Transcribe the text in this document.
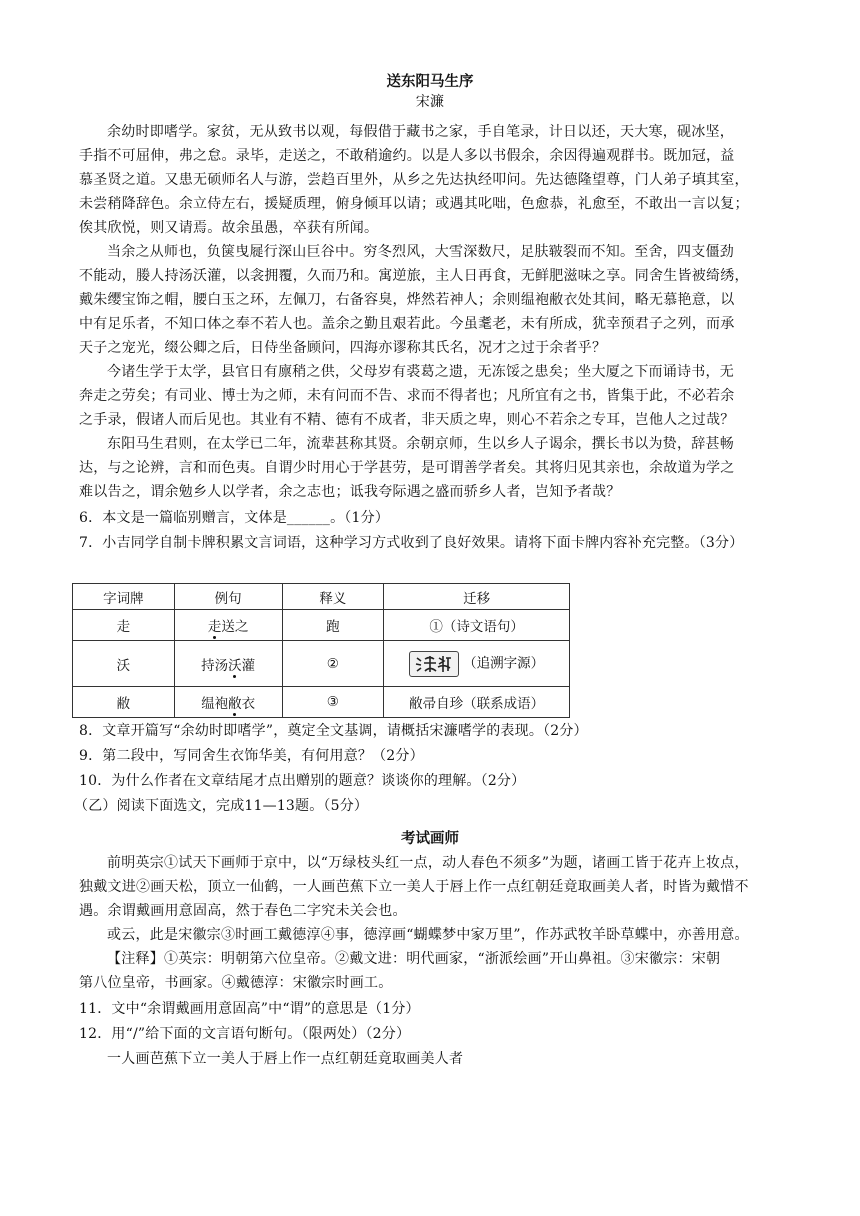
送东阳马生序
宋濂
余幼时即嗜学。家贫，无从致书以观，每假借于藏书之家，手自笔录，计日以还，天大寒，砚冰坚，
手指不可屈伸，弗之怠。录毕，走送之，不敢稍逾约。以是人多以书假余，余因得遍观群书。既加冠，益
慕圣贤之道。又患无硕师名人与游，尝趋百里外，从乡之先达执经叩问。先达德隆望尊，门人弟子填其室，
未尝稍降辞色。余立侍左右，援疑质理，俯身倾耳以请；或遇其叱咄，色愈恭，礼愈至，不敢出一言以复；
俟其欣悦，则又请焉。故余虽愚，卒获有所闻。
当余之从师也，负箧曳屣行深山巨谷中。穷冬烈风，大雪深数尺，足肤皲裂而不知。至舍，四支僵劲
不能动，媵人持汤沃灌，以衾拥覆，久而乃和。寓逆旅，主人日再食，无鲜肥滋味之享。同舍生皆被绮绣，
戴朱缨宝饰之帽，腰白玉之环，左佩刀，右备容臭，烨然若神人；余则缊袍敝衣处其间，略无慕艳意，以
中有足乐者，不知口体之奉不若人也。盖余之勤且艰若此。今虽耄老，未有所成，犹幸预君子之列，而承
天子之宠光，缀公卿之后，日侍坐备顾问，四海亦谬称其氏名，况才之过于余者乎？
今诸生学于太学，县官日有廪稍之供，父母岁有裘葛之遗，无冻馁之患矣；坐大厦之下而诵诗书，无
奔走之劳矣；有司业、博士为之师，未有问而不告、求而不得者也；凡所宜有之书，皆集于此，不必若余
之手录，假诸人而后见也。其业有不精、德有不成者，非天质之卑，则心不若余之专耳，岂他人之过哉？
东阳马生君则，在太学已二年，流辈甚称其贤。余朝京师，生以乡人子谒余，撰长书以为贽，辞甚畅
达，与之论辨，言和而色夷。自谓少时用心于学甚劳，是可谓善学者矣。其将归见其亲也，余故道为学之
难以告之，谓余勉乡人以学者，余之志也；诋我夸际遇之盛而骄乡人者，岂知予者哉？
6．本文是一篇临别赠言，文体是______。（1分）
7．小吉同学自制卡牌积累文言词语，这种学习方式收到了良好效果。请将下面卡牌内容补充完整。（3分）
字词牌	例句	释义	迁移
走	走送之	跑	①（诗文语句）
沃	持汤沃灌	②	（追溯字源）
敝	缊袍敝衣	③	敝帚自珍（联系成语）
8．文章开篇写“余幼时即嗜学”，奠定全文基调，请概括宋濂嗜学的表现。（2分）
9．第二段中，写同舍生衣饰华美，有何用意？（2分）
10．为什么作者在文章结尾才点出赠别的题意？谈谈你的理解。（2分）
（乙）阅读下面选文，完成11—13题。（5分）
考试画师
前明英宗①试天下画师于京中，以“万绿枝头红一点，动人春色不须多”为题，诸画工皆于花卉上妆点，
独戴文进②画天松，顶立一仙鹤，一人画芭蕉下立一美人于唇上作一点红朝廷竟取画美人者，时皆为戴惜不
遇。余谓戴画用意固高，然于春色二字究未关会也。
或云，此是宋徽宗③时画工戴德淳④事，德淳画“蝴蝶梦中家万里”，作苏武牧羊卧草蝶中，亦善用意。
【注释】①英宗：明朝第六位皇帝。②戴文进：明代画家，“浙派绘画”开山鼻祖。③宋徽宗：宋朝
第八位皇帝，书画家。④戴德淳：宋徽宗时画工。
11．文中“余谓戴画用意固高”中“谓”的意思是（1分）
12．用“/”给下面的文言语句断句。（限两处）（2分）
一人画芭蕉下立一美人于唇上作一点红朝廷竟取画美人者
